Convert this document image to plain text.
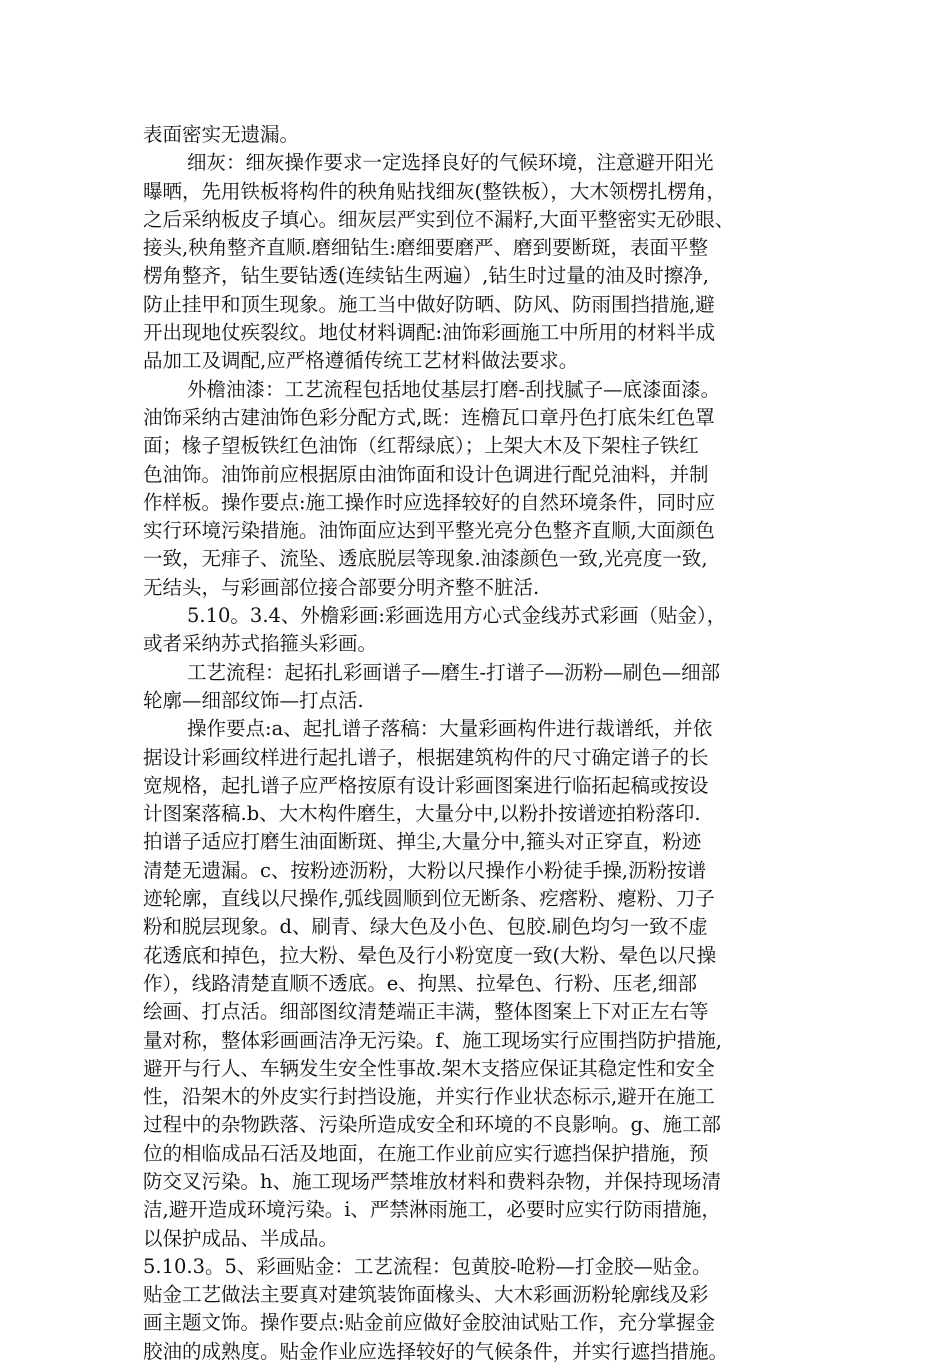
表面密实无遗漏。
细灰：细灰操作要求一定选择良好的气候环境，注意避开阳光
曝晒，先用铁板将构件的秧角贴找细灰(整铁板），大木领楞扎楞角，
之后采纳板皮子填心。细灰层严实到位不漏籽,大面平整密实无砂眼、
接头,秧角整齐直顺.磨细钻生:磨细要磨严、磨到要断斑，表面平整
楞角整齐，钻生要钻透(连续钻生两遍）,钻生时过量的油及时擦净,
防止挂甲和顶生现象。施工当中做好防晒、防风、防雨围挡措施,避
开出现地仗疾裂纹。地仗材料调配:油饰彩画施工中所用的材料半成
品加工及调配,应严格遵循传统工艺材料做法要求。
外檐油漆：工艺流程包括地仗基层打磨-刮找腻子—底漆面漆。
油饰采纳古建油饰色彩分配方式,既：连檐瓦口章丹色打底朱红色罩
面；椽子望板铁红色油饰（红帮绿底）；上架大木及下架柱子铁红
色油饰。油饰前应根据原由油饰面和设计色调进行配兑油料，并制
作样板。操作要点:施工操作时应选择较好的自然环境条件，同时应
实行环境污染措施。油饰面应达到平整光亮分色整齐直顺,大面颜色
一致，无痱子、流坠、透底脱层等现象.油漆颜色一致,光亮度一致,
无结头，与彩画部位接合部要分明齐整不脏活.
5.10。3.4、外檐彩画:彩画选用方心式金线苏式彩画（贴金），
或者采纳苏式掐箍头彩画。
工艺流程：起拓扎彩画谱子—磨生-打谱子—沥粉—刷色—细部
轮廓—细部纹饰—打点活.
操作要点:a、起扎谱子落稿：大量彩画构件进行裁谱纸，并依
据设计彩画纹样进行起扎谱子，根据建筑构件的尺寸确定谱子的长
宽规格，起扎谱子应严格按原有设计彩画图案进行临拓起稿或按设
计图案落稿.b、大木构件磨生，大量分中,以粉扑按谱迹拍粉落印.
拍谱子适应打磨生油面断斑、掸尘,大量分中,箍头对正穿直，粉迹
清楚无遗漏。c、按粉迹沥粉，大粉以尺操作小粉徒手操,沥粉按谱
迹轮廓，直线以尺操作,弧线圆顺到位无断条、疙瘩粉、瘪粉、刀子
粉和脱层现象。d、刷青、绿大色及小色、包胶.刷色均匀一致不虚
花透底和掉色，拉大粉、晕色及行小粉宽度一致(大粉、晕色以尺操
作），线路清楚直顺不透底。e、拘黑、拉晕色、行粉、压老,细部
绘画、打点活。细部图纹清楚端正丰满，整体图案上下对正左右等
量对称，整体彩画画洁净无污染。f、施工现场实行应围挡防护措施,
避开与行人、车辆发生安全性事故.架木支搭应保证其稳定性和安全
性，沿架木的外皮实行封挡设施，并实行作业状态标示,避开在施工
过程中的杂物跌落、污染所造成安全和环境的不良影响。g、施工部
位的相临成品石活及地面，在施工作业前应实行遮挡保护措施，预
防交叉污染。h、施工现场严禁堆放材料和费料杂物，并保持现场清
洁,避开造成环境污染。i、严禁淋雨施工，必要时应实行防雨措施，
以保护成品、半成品。
5.10.3。5、彩画贴金：工艺流程：包黄胶-呛粉—打金胶—贴金。
贴金工艺做法主要真对建筑装饰面椽头、大木彩画沥粉轮廓线及彩
画主题文饰。操作要点:贴金前应做好金胶油试贴工作，充分掌握金
胶油的成熟度。贴金作业应选择较好的气候条件，并实行遮挡措施。
